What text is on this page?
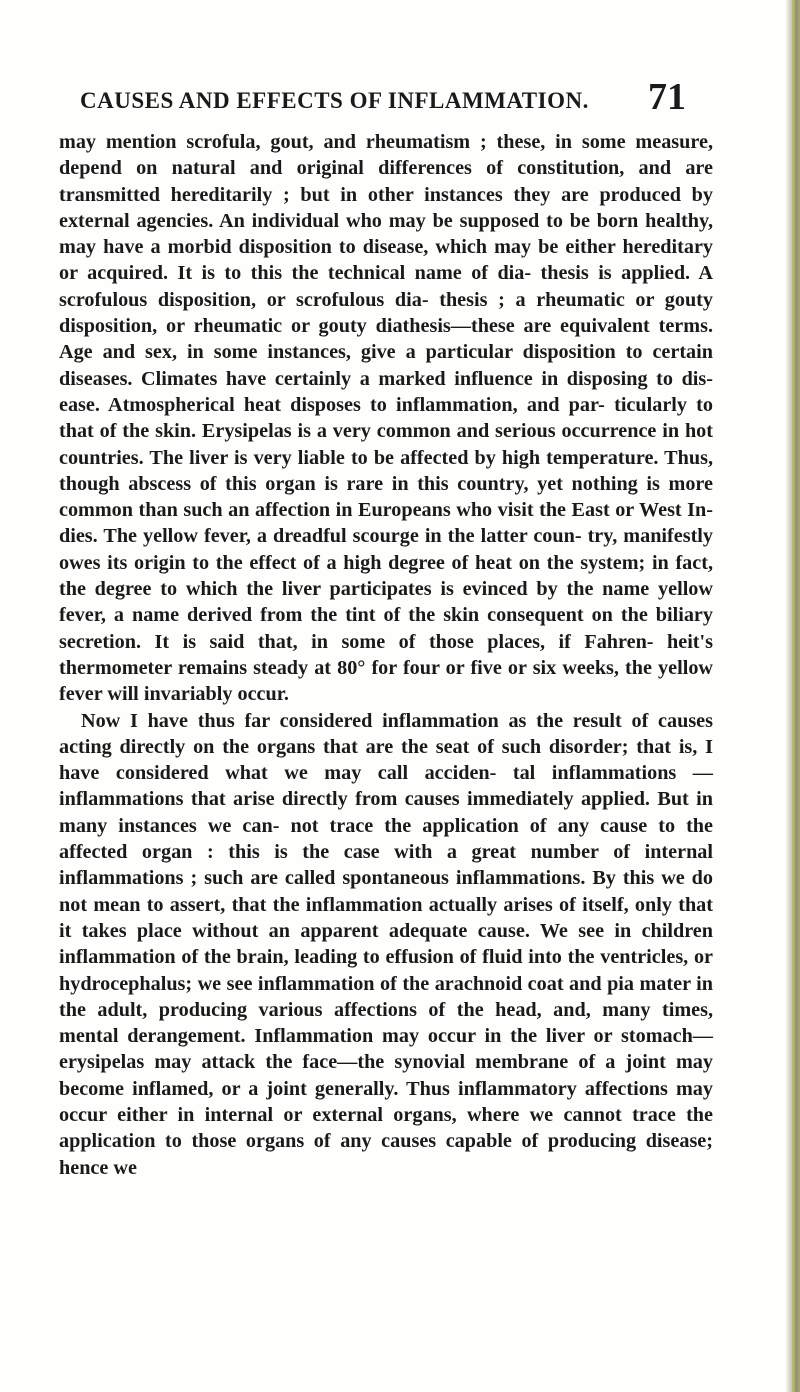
CAUSES AND EFFECTS OF INFLAMMATION. 71

may mention scrofula, gout, and rheumatism ; these, in some measure, depend on natural and original differences of constitution, and are transmitted hereditarily ; but in other instances they are produced by external agencies. An individual who may be supposed to be born healthy, may have a morbid disposition to disease, which may be either hereditary or acquired. It is to this the technical name of dia- thesis is applied. A scrofulous disposition, or scrofulous dia- thesis ; a rheumatic or gouty disposition, or rheumatic or gouty diathesis—these are equivalent terms. Age and sex, in some instances, give a particular disposition to certain diseases. Climates have certainly a marked influence in disposing to dis- ease. Atmospherical heat disposes to inflammation, and par- ticularly to that of the skin. Erysipelas is a very common and serious occurrence in hot countries. The liver is very liable to be affected by high temperature. Thus, though abscess of this organ is rare in this country, yet nothing is more common than such an affection in Europeans who visit the East or West In- dies. The yellow fever, a dreadful scourge in the latter coun- try, manifestly owes its origin to the effect of a high degree of heat on the system; in fact, the degree to which the liver participates is evinced by the name yellow fever, a name derived from the tint of the skin consequent on the biliary secretion. It is said that, in some of those places, if Fahren- heit's thermometer remains steady at 80° for four or five or six weeks, the yellow fever will invariably occur.

Now I have thus far considered inflammation as the result of causes acting directly on the organs that are the seat of such disorder; that is, I have considered what we may call acciden- tal inflammations — inflammations that arise directly from causes immediately applied. But in many instances we can- not trace the application of any cause to the affected organ : this is the case with a great number of internal inflammations ; such are called spontaneous inflammations. By this we do not mean to assert, that the inflammation actually arises of itself, only that it takes place without an apparent adequate cause. We see in children inflammation of the brain, leading to effusion of fluid into the ventricles, or hydrocephalus; we see inflammation of the arachnoid coat and pia mater in the adult, producing various affections of the head, and, many times, mental derangement. Inflammation may occur in the liver or stomach—erysipelas may attack the face—the synovial membrane of a joint may become inflamed, or a joint generally. Thus inflammatory affections may occur either in internal or external organs, where we cannot trace the application to those organs of any causes capable of producing disease; hence we
